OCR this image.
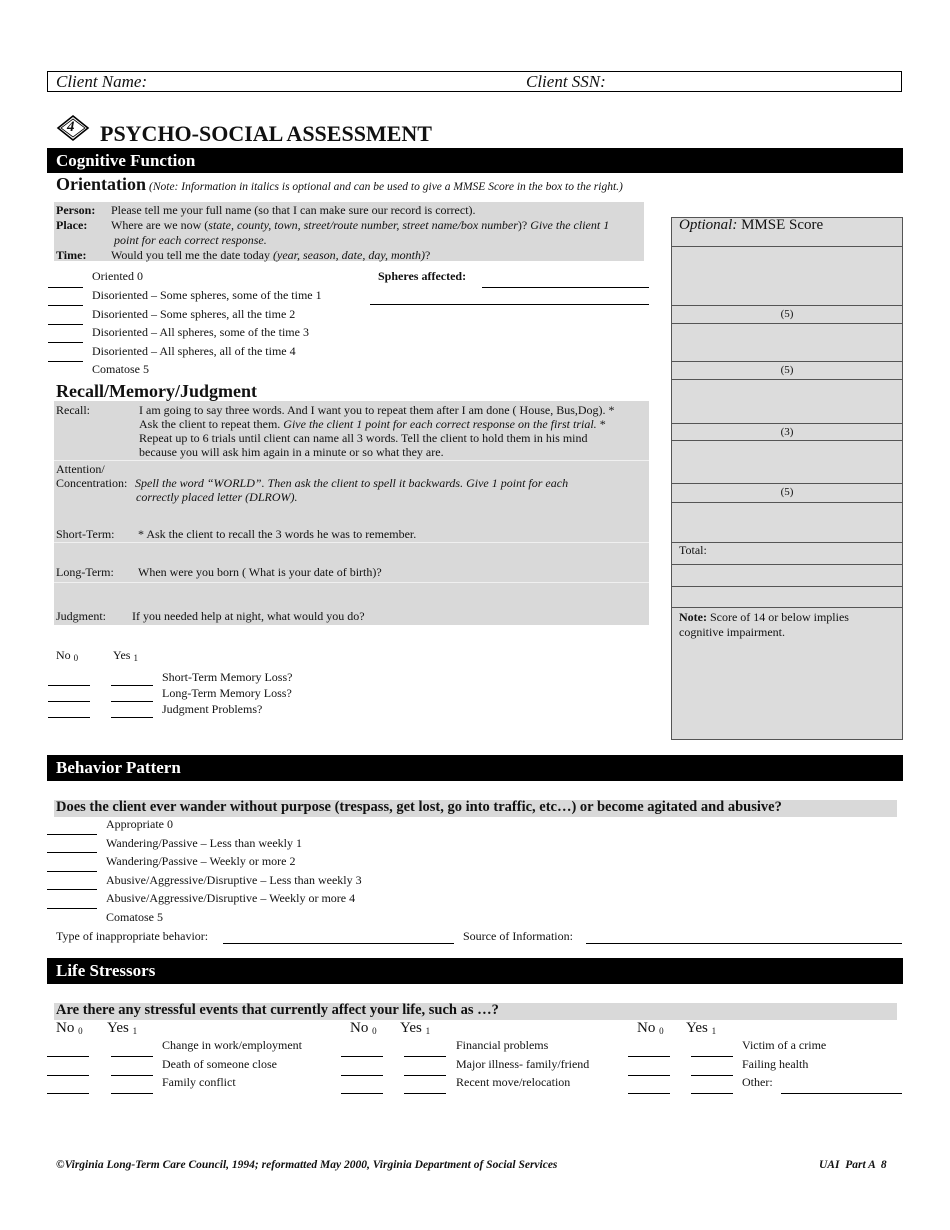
Client Name:	Client SSN:
4 PSYCHO-SOCIAL ASSESSMENT
Cognitive Function
Orientation (Note: Information in italics is optional and can be used to give a MMSE Score in the box to the right.)
Person: Please tell me your full name (so that I can make sure our record is correct).
Place: Where are we now (state, county, town, street/route number, street name/box number)? Give the client 1
point for each correct response.
Time: Would you tell me the date today (year, season, date, day, month)?
Oriented 0
Disoriented – Some spheres, some of the time 1
Disoriented – Some spheres, all the time 2
Disoriented – All spheres, some of the time 3
Disoriented – All spheres, all of the time 4
Comatose 5
Spheres affected:
Recall/Memory/Judgment
Recall:	I am going to say three words. And I want you to repeat them after I am done ( House, Bus,Dog). *
Ask the client to repeat them. Give the client 1 point for each correct response on the first trial. *
Repeat up to 6 trials until client can name all 3 words. Tell the client to hold them in his mind
because you will ask him again in a minute or so what they are.
Attention/
Concentration: Spell the word “WORLD”. Then ask the client to spell it backwards. Give 1 point for each
correctly placed letter (DLROW).
Short-Term: * Ask the client to recall the 3 words he was to remember.
Long-Term: When were you born ( What is your date of birth)?
Judgment: If you needed help at night, what would you do?
No $_0$	Yes $_1$
Short-Term Memory Loss?
Long-Term Memory Loss?
Judgment Problems?
Optional: MMSE Score
(5)
(5)
(3)
(5)
Total:
Note: Score of 14 or below implies cognitive impairment.
Behavior Pattern
Does the client ever wander without purpose (trespass, get lost, go into traffic, etc…) or become agitated and abusive?
Appropriate 0
Wandering/Passive – Less than weekly 1
Wandering/Passive – Weekly or more 2
Abusive/Aggressive/Disruptive – Less than weekly 3
Abusive/Aggressive/Disruptive – Weekly or more 4
Comatose 5
Type of inappropriate behavior:	Source of Information:
Life Stressors
Are there any stressful events that currently affect your life, such as …?
No $_0$ Yes $_1$
Change in work/employment
Death of someone close
Family conflict
No $_0$ Yes $_1$
Financial problems
Major illness- family/friend
Recent move/relocation
No $_0$ Yes $_1$
Victim of a crime
Failing health
Other:
©Virginia Long-Term Care Council, 1994; reformatted May 2000, Virginia Department of Social Services	UAI  Part A  8
